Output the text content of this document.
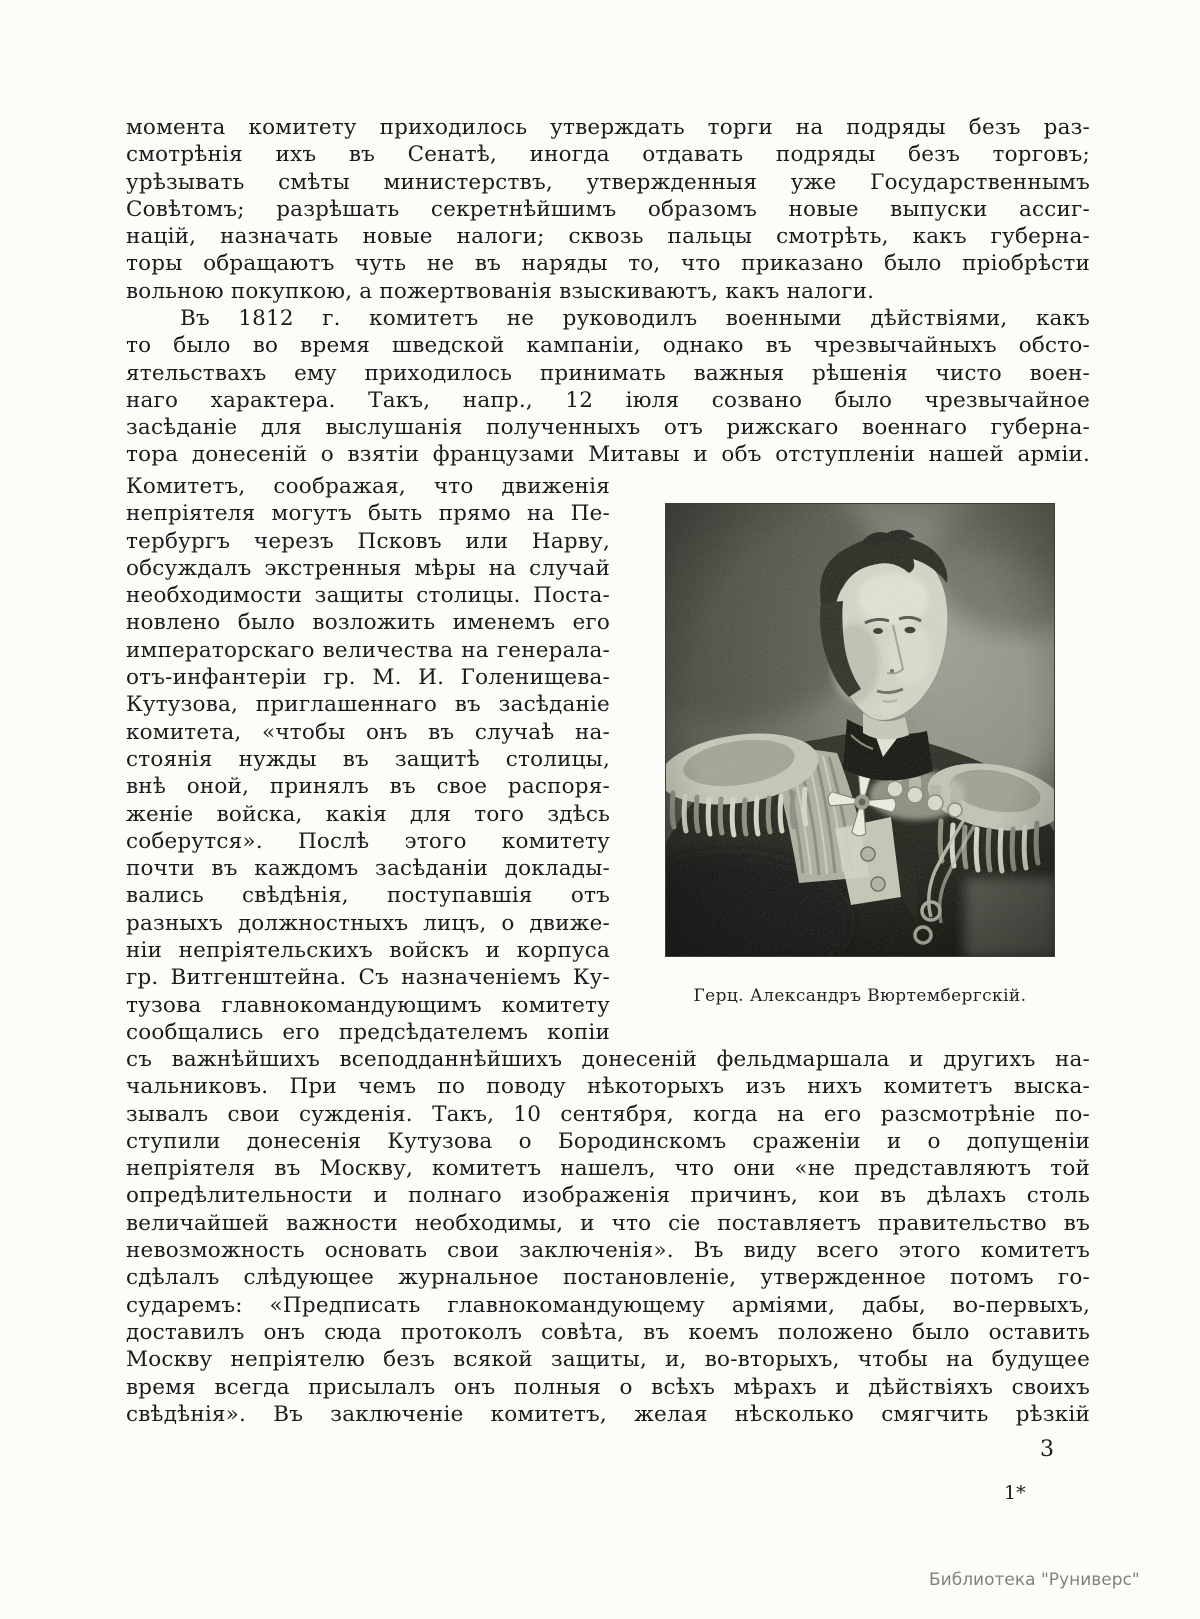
момента комитету приходилось утверждать торги на подряды безъ раз-
смотрѣнія ихъ въ Сенатѣ, иногда отдавать подряды безъ торговъ;
урѣзывать смѣты министерствъ, утвержденныя уже Государственнымъ
Совѣтомъ; разрѣшать секретнѣйшимъ образомъ новые выпуски ассиг-
націй, назначать новые налоги; сквозь пальцы смотрѣть, какъ губерна-
торы обращаютъ чуть не въ наряды то, что приказано было пріобрѣсти
вольною покупкою, а пожертвованія взыскиваютъ, какъ налоги.
Въ 1812 г. комитетъ не руководилъ военными дѣйствіями, какъ
то было во время шведской кампаніи, однако въ чрезвычайныхъ обсто-
ятельствахъ ему приходилось принимать важныя рѣшенія чисто воен-
наго характера. Такъ, напр., 12 іюля созвано было чрезвычайное
засѣданіе для выслушанія полученныхъ отъ рижскаго военнаго губерна-
тора донесеній о взятіи французами Митавы и объ отступленіи нашей арміи.
Комитетъ, соображая, что движенія
непріятеля могутъ быть прямо на Пе-
тербургъ черезъ Псковъ или Нарву,
обсуждалъ экстренныя мѣры на случай
необходимости защиты столицы. Поста-
новлено было возложить именемъ его
императорскаго величества на генерала-
отъ-инфантеріи гр. М. И. Голенищева-
Кутузова, приглашеннаго въ засѣданіе
комитета, «чтобы онъ въ случаѣ на-
стоянія нужды въ защитѣ столицы,
внѣ оной, принялъ въ свое распоря-
женіе войска, какія для того здѣсь
соберутся». Послѣ этого комитету
почти въ каждомъ засѣданіи доклады-
вались свѣдѣнія, поступавшія отъ
разныхъ должностныхъ лицъ, о движе-
ніи непріятельскихъ войскъ и корпуса
гр. Витгенштейна. Съ назначеніемъ Ку-
тузова главнокомандующимъ комитету
сообщались его предсѣдателемъ копіи
Герц. Александръ Вюртембергскій.
съ важнѣйшихъ всеподданнѣйшихъ донесеній фельдмаршала и другихъ на-
чальниковъ. При чемъ по поводу нѣкоторыхъ изъ нихъ комитетъ выска-
зывалъ свои сужденія. Такъ, 10 сентября, когда на его разсмотрѣніе по-
ступили донесенія Кутузова о Бородинскомъ сраженіи и о допущеніи
непріятеля въ Москву, комитетъ нашелъ, что они «не представляютъ той
опредѣлительности и полнаго изображенія причинъ, кои въ дѣлахъ столь
величайшей важности необходимы, и что сіе поставляетъ правительство въ
невозможность основать свои заключенія». Въ виду всего этого комитетъ
сдѣлалъ слѣдующее журнальное постановленіе, утвержденное потомъ го-
сударемъ: «Предписать главнокомандующему арміями, дабы, во-первыхъ,
доставилъ онъ сюда протоколъ совѣта, въ коемъ положено было оставить
Москву непріятелю безъ всякой защиты, и, во-вторыхъ, чтобы на будущее
время всегда присылалъ онъ полныя о всѣхъ мѣрахъ и дѣйствіяхъ своихъ
свѣдѣнія». Въ заключеніе комитетъ, желая нѣсколько смягчить рѣзкій
3
1*
Библиотека "Руниверс"
